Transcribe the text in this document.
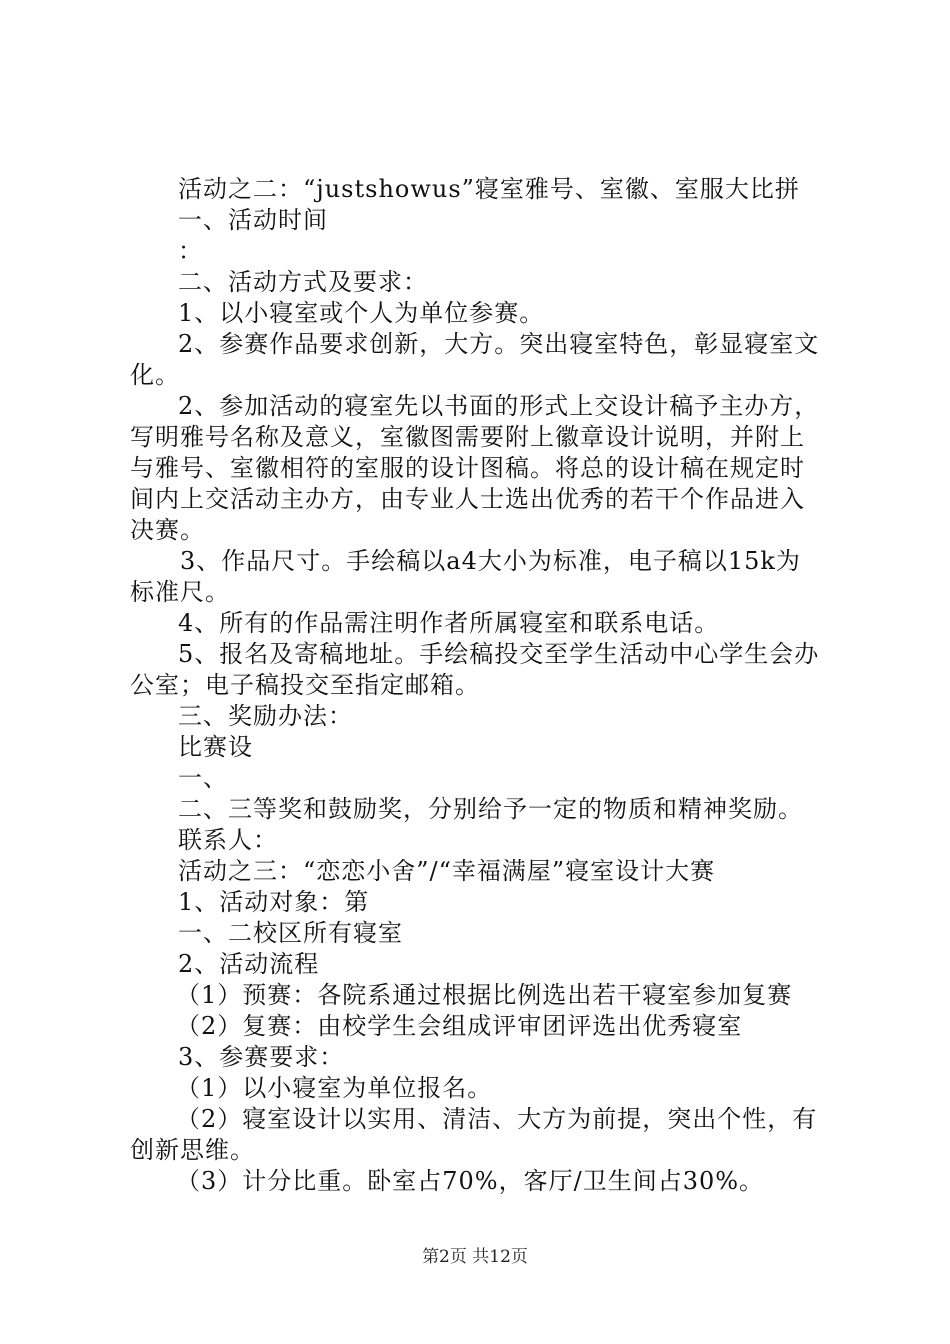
活动之二：“justshowus”寝室雅号、室徽、室服大比拼
一、活动时间
：
二、活动方式及要求：
1、以小寝室或个人为单位参赛。
2、参赛作品要求创新，大方。突出寝室特色，彰显寝室文
化。
2、参加活动的寝室先以书面的形式上交设计稿予主办方，
写明雅号名称及意义，室徽图需要附上徽章设计说明，并附上
与雅号、室徽相符的室服的设计图稿。将总的设计稿在规定时
间内上交活动主办方，由专业人士选出优秀的若干个作品进入
决赛。
3、作品尺寸。手绘稿以a4大小为标准，电子稿以15k为
标准尺。
4、所有的作品需注明作者所属寝室和联系电话。
5、报名及寄稿地址。手绘稿投交至学生活动中心学生会办
公室；电子稿投交至指定邮箱。
三、奖励办法：
比赛设
一、
二、三等奖和鼓励奖，分别给予一定的物质和精神奖励。
联系人：
活动之三：“恋恋小舍”/“幸福满屋”寝室设计大赛
1、活动对象：第
一、二校区所有寝室
2、活动流程
（1）预赛：各院系通过根据比例选出若干寝室参加复赛
（2）复赛：由校学生会组成评审团评选出优秀寝室
3、参赛要求：
（1）以小寝室为单位报名。
（2）寝室设计以实用、清洁、大方为前提，突出个性，有
创新思维。
（3）计分比重。卧室占70%，客厅/卫生间占30%。
第2页 共12页
